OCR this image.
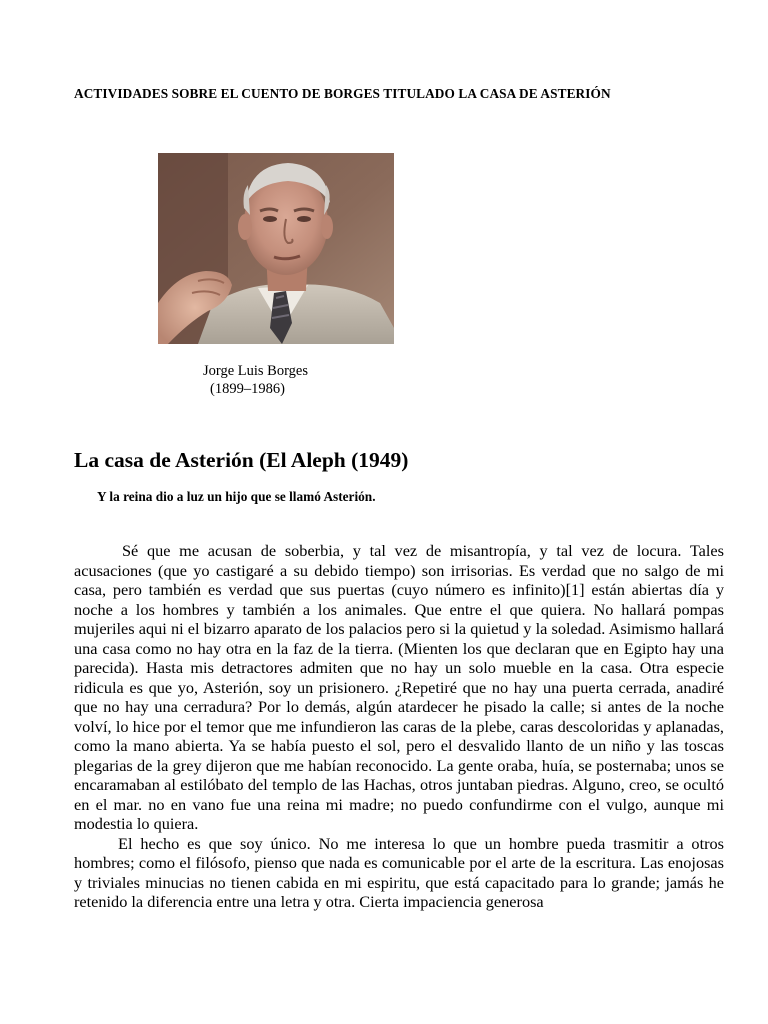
ACTIVIDADES SOBRE EL CUENTO DE BORGES TITULADO LA CASA DE ASTERIÓN
Jorge Luis Borges
(1899–1986)
La casa de Asterión (El Aleph (1949)
Y la reina dio a luz un hijo que se llamó Asterión.

Sé que me acusan de soberbia, y tal vez de misantropía, y tal vez de locura. Tales acusaciones (que yo castigaré a su debido tiempo) son irrisorias. Es verdad que no salgo de mi casa, pero también es verdad que sus puertas (cuyo número es infinito)[1] están abiertas día y noche a los hombres y también a los animales. Que entre el que quiera. No hallará pompas mujeriles aqui ni el bizarro aparato de los palacios pero si la quietud y la soledad. Asimismo hallará una casa como no hay otra en la faz de la tierra. (Mienten los que declaran que en Egipto hay una parecida). Hasta mis detractores admiten que no hay un solo mueble en la casa. Otra especie ridicula es que yo, Asterión, soy un prisionero. ¿Repetiré que no hay una puerta cerrada, anadiré que no hay una cerradura? Por lo demás, algún atardecer he pisado la calle; si antes de la noche volví, lo hice por el temor que me infundieron las caras de la plebe, caras descoloridas y aplanadas, como la mano abierta. Ya se había puesto el sol, pero el desvalido llanto de un niño y las toscas plegarias de la grey dijeron que me habían reconocido. La gente oraba, huía, se posternaba; unos se encaramaban al estilóbato del templo de las Hachas, otros juntaban piedras. Alguno, creo, se ocultó en el mar. no en vano fue una reina mi madre; no puedo confundirme con el vulgo, aunque mi modestia lo quiera.

El hecho es que soy único. No me interesa lo que un hombre pueda trasmitir a otros hombres; como el filósofo, pienso que nada es comunicable por el arte de la escritura. Las enojosas y triviales minucias no tienen cabida en mi espiritu, que está capacitado para lo grande; jamás he retenido la diferencia entre una letra y otra. Cierta impaciencia generosa
